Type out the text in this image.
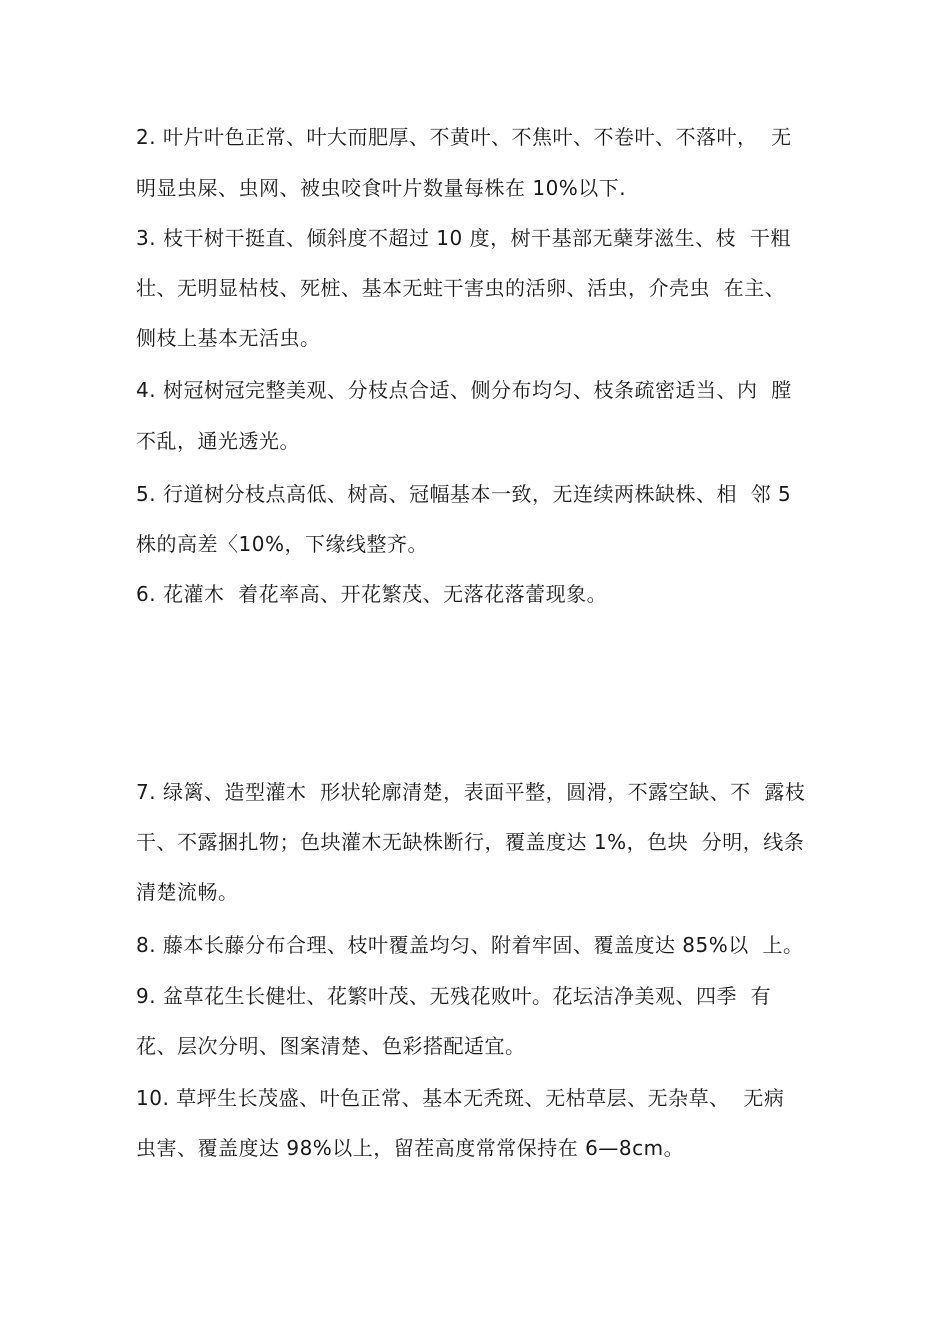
2. 叶片叶色正常、叶大而肥厚、不黄叶、不焦叶、不卷叶、不落叶，  无
明显虫屎、虫网、被虫咬食叶片数量每株在 10%以下.
3. 枝干树干挺直、倾斜度不超过 10 度，树干基部无蘖芽滋生、枝  干粗
壮、无明显枯枝、死桩、基本无蛀干害虫的活卵、活虫，介壳虫  在主、
侧枝上基本无活虫。
4. 树冠树冠完整美观、分枝点合适、侧分布均匀、枝条疏密适当、内  膛
不乱，通光透光。
5. 行道树分枝点高低、树高、冠幅基本一致，无连续两株缺株、相  邻 5
株的高差〈10%，下缘线整齐。
6. 花灌木  着花率高、开花繁茂、无落花落蕾现象。
7. 绿篱、造型灌木  形状轮廓清楚，表面平整，圆滑，不露空缺、不  露枝
干、不露捆扎物；色块灌木无缺株断行，覆盖度达 1%，色块  分明，线条
清楚流畅。
8. 藤本长藤分布合理、枝叶覆盖均匀、附着牢固、覆盖度达 85%以  上。
9. 盆草花生长健壮、花繁叶茂、无残花败叶。花坛洁净美观、四季  有
花、层次分明、图案清楚、色彩搭配适宜。
10. 草坪生长茂盛、叶色正常、基本无秃斑、无枯草层、无杂草、  无病
虫害、覆盖度达 98%以上，留茬高度常常保持在 6—8cm。
